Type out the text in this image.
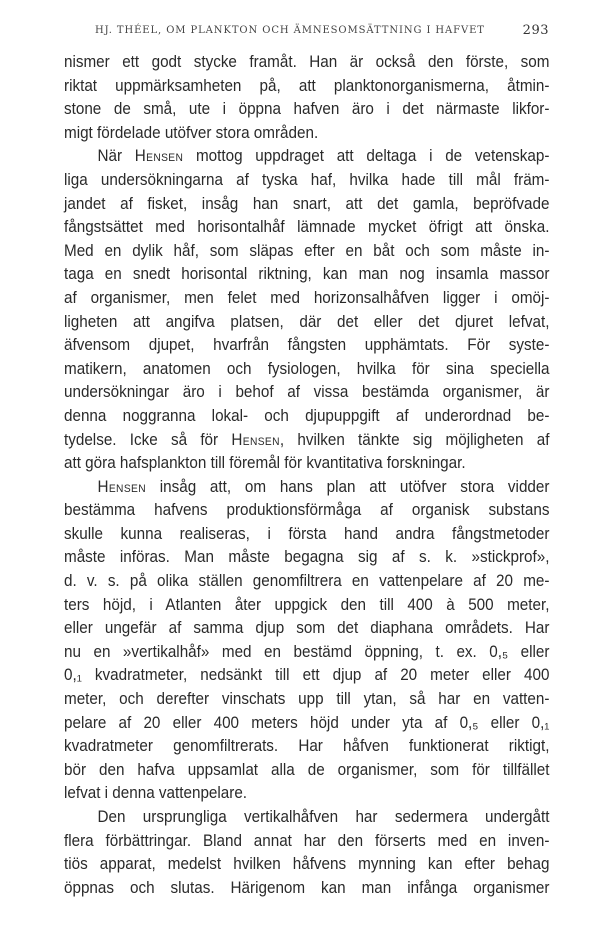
HJ. THÉEL, OM PLANKTON OCH ÄMNESOMSÄTTNING I HAFVET	293
nismer ett godt stycke framåt. Han är också den förste, som
riktat uppmärksamheten på, att planktonorganismerna, åtmin-
stone de små, ute i öppna hafven äro i det närmaste likfor-
migt fördelade utöfver stora områden.
När Hensen mottog uppdraget att deltaga i de vetenskap-
liga undersökningarna af tyska haf, hvilka hade till mål främ-
jandet af fisket, insåg han snart, att det gamla, bepröfvade
fångstsättet med horisontalhåf lämnade mycket öfrigt att önska.
Med en dylik håf, som släpas efter en båt och som måste in-
taga en snedt horisontal riktning, kan man nog insamla massor
af organismer, men felet med horizonsalhåfven ligger i omöj-
ligheten att angifva platsen, där det eller det djuret lefvat,
äfvensom djupet, hvarfrån fångsten upphämtats. För syste-
matikern, anatomen och fysiologen, hvilka för sina speciella
undersökningar äro i behof af vissa bestämda organismer, är
denna noggranna lokal- och djupuppgift af underordnad be-
tydelse. Icke så för Hensen, hvilken tänkte sig möjligheten af
att göra hafsplankton till föremål för kvantitativa forskningar.
Hensen insåg att, om hans plan att utöfver stora vidder
bestämma hafvens produktionsförmåga af organisk substans
skulle kunna realiseras, i första hand andra fångstmetoder
måste införas. Man måste begagna sig af s. k. »stickprof»,
d. v. s. på olika ställen genomfiltrera en vattenpelare af 20 me-
ters höjd, i Atlanten åter uppgick den till 400 à 500 meter,
eller ungefär af samma djup som det diaphana områdets. Har
nu en »vertikalhåf» med en bestämd öppning, t. ex. 0,₅ eller
0,₁ kvadratmeter, nedsänkt till ett djup af 20 meter eller 400
meter, och derefter vinschats upp till ytan, så har en vatten-
pelare af 20 eller 400 meters höjd under yta af 0,₅ eller 0,₁
kvadratmeter genomfiltrerats. Har håfven funktionerat riktigt,
bör den hafva uppsamlat alla de organismer, som för tillfället
lefvat i denna vattenpelare.
Den ursprungliga vertikalhåfven har sedermera undergått
flera förbättringar. Bland annat har den förserts med en inven-
tiös apparat, medelst hvilken håfvens mynning kan efter behag
öppnas och slutas. Härigenom kan man infånga organismer
